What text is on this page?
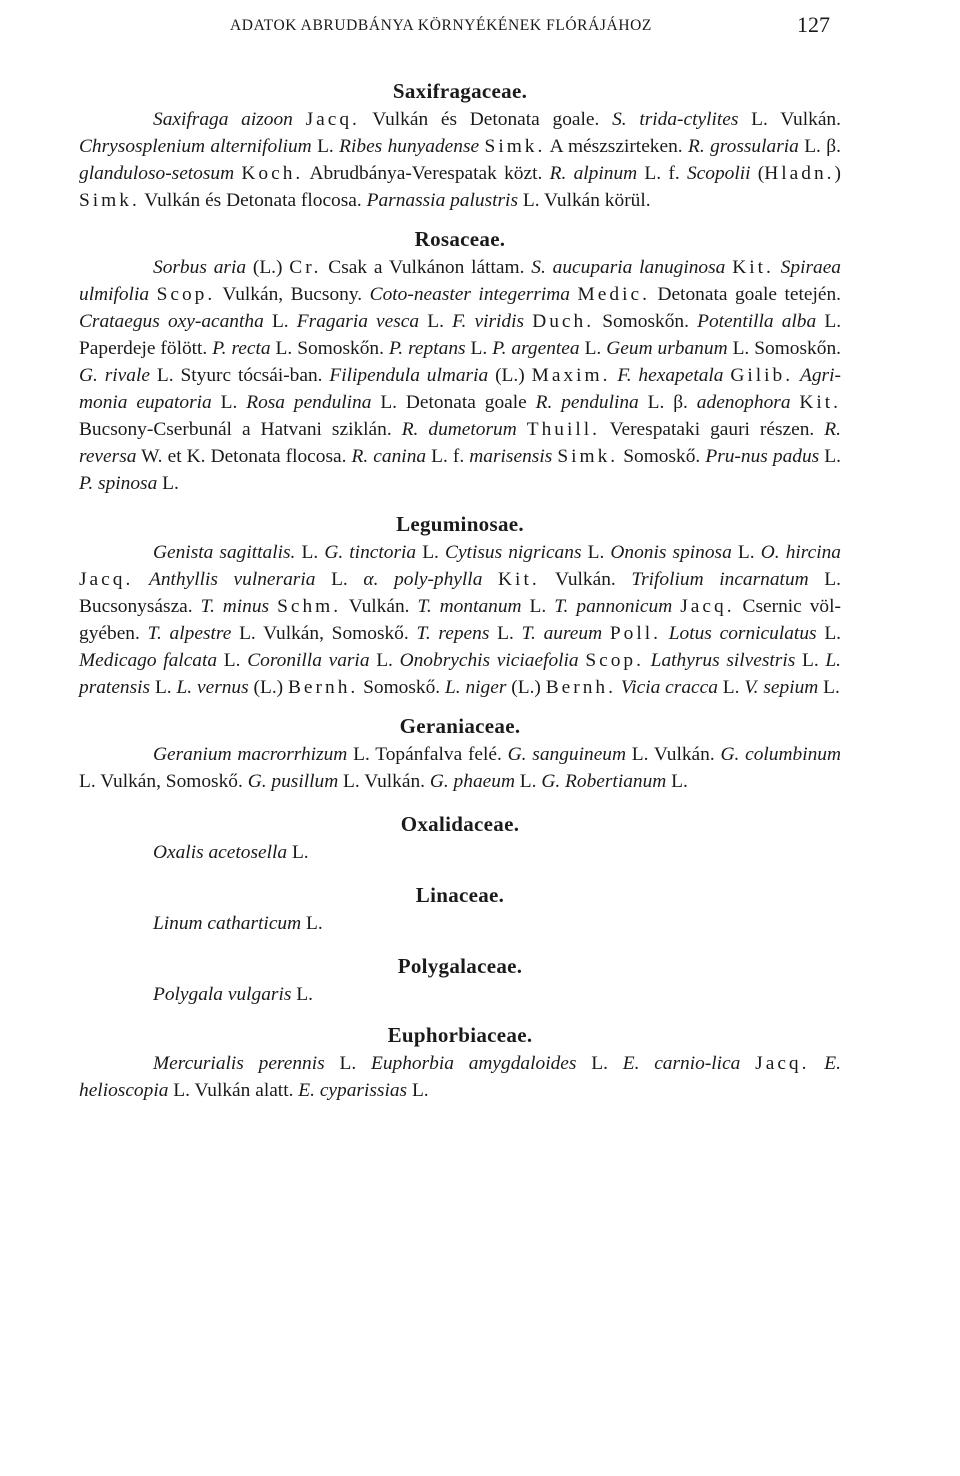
ADATOK ABRUDBÁNYA KÖRNYÉKÉNEK FLÓRÁJÁHOZ	127
Saxifragaceae.

Saxifraga aizoon Jacq. Vulkán és Detonata goale. S. trida-ctylites L. Vulkán. Chrysosplenium alternifolium L. Ribes hunyadense Simk. A mészszirteken. R. grossularia L. β. glanduloso-setosum Koch. Abrudbánya-Verespatak közt. R. alpinum L. f. Scopolii (Hladn.) Simk. Vulkán és Detonata flocosa. Parnassia palustris L. Vulkán körül.

Rosaceae.

Sorbus aria (L.) Cr. Csak a Vulkánon láttam. S. aucuparia lanuginosa Kit. Spiraea ulmifolia Scop. Vulkán, Bucsony. Coto-neaster integerrima Medic. Detonata goale tetején. Crataegus oxy-acantha L. Fragaria vesca L. F. viridis Duch. Somoskőn. Potentilla alba L. Paperdeje fölött. P. recta L. Somoskőn. P. reptans L. P. argentea L. Geum urbanum L. Somoskőn. G. rivale L. Styurc tócsái-ban. Filipendula ulmaria (L.) Maxim. F. hexapetala Gilib. Agri-monia eupatoria L. Rosa pendulina L. Detonata goale R. pendulina L. β. adenophora Kit. Bucsony-Cserbunál a Hatvani sziklán. R. dumetorum Thuill. Verespataki gauri részen. R. reversa W. et K. Detonata flocosa. R. canina L. f. marisensis Simk. Somoskő. Pru-nus padus L. P. spinosa L.

Leguminosae.

Genista sagittalis. L. G. tinctoria L. Cytisus nigricans L. Ononis spinosa L. O. hircina Jacq. Anthyllis vulneraria L. α. poly-phylla Kit. Vulkán. Trifolium incarnatum L. Bucsonysásza. T. minus Schm. Vulkán. T. montanum L. T. pannonicum Jacq. Csernic völ-gyében. T. alpestre L. Vulkán, Somoskő. T. repens L. T. aureum Poll. Lotus corniculatus L. Medicago falcata L. Coronilla varia L. Onobrychis viciaefolia Scop. Lathyrus silvestris L. L. pratensis L. L. vernus (L.) Bernh. Somoskő. L. niger (L.) Bernh. Vicia cracca L. V. sepium L.

Geraniaceae.

Geranium macrorrhizum L. Topánfalva felé. G. sanguineum L. Vulkán. G. columbinum L. Vulkán, Somoskő. G. pusillum L. Vulkán. G. phaeum L. G. Robertianum L.

Oxalidaceae.

Oxalis acetosella L.

Linaceae.

Linum catharticum L.

Polygalaceae.

Polygala vulgaris L.

Euphorbiaceae.

Mercurialis perennis L. Euphorbia amygdaloides L. E. carnio-lica Jacq. E. helioscopia L. Vulkán alatt. E. cyparissias L.
